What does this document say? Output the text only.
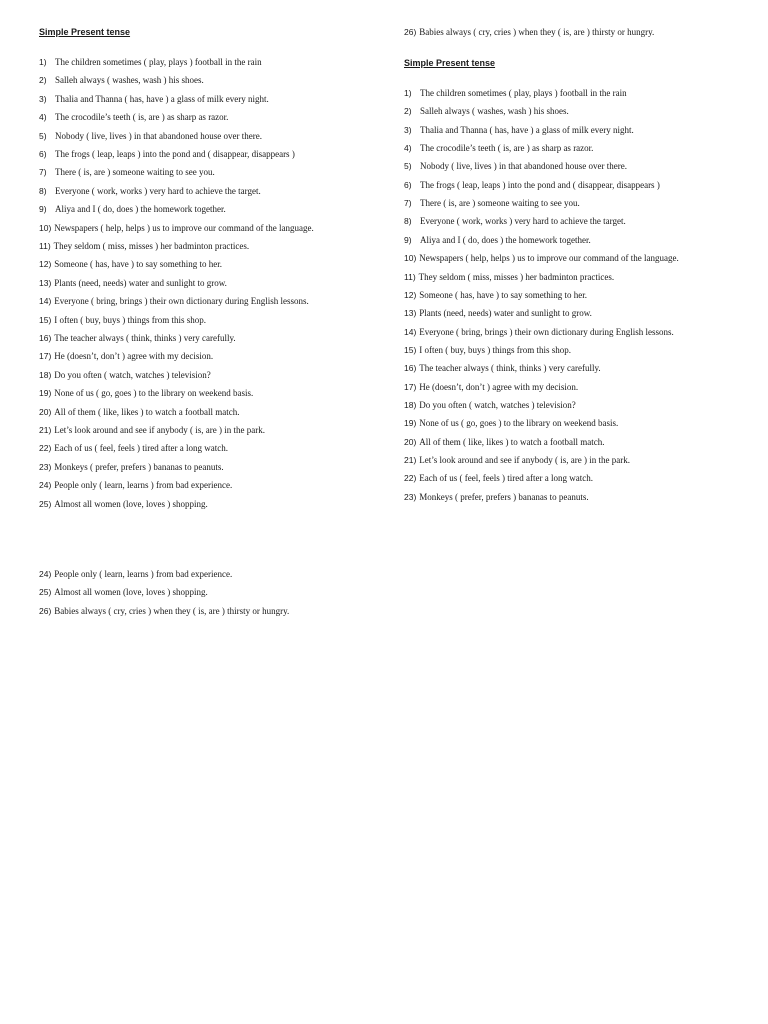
Simple Present tense
1) The children sometimes ( play, plays ) football in the rain
2) Salleh always ( washes, wash ) his shoes.
3) Thalia and Thanna ( has, have ) a glass of milk every night.
4) The crocodile’s teeth ( is, are ) as sharp as razor.
5) Nobody ( live, lives ) in that abandoned house over there.
6) The frogs ( leap, leaps ) into the pond and ( disappear, disappears )
7) There ( is, are ) someone waiting to see you.
8) Everyone ( work, works ) very hard to achieve the target.
9) Aliya and I ( do, does ) the homework together.
10) Newspapers ( help, helps ) us to improve our command of the language.
11) They seldom ( miss, misses ) her badminton practices.
12) Someone ( has, have ) to say something to her.
13) Plants (need, needs) water and sunlight to grow.
14) Everyone ( bring, brings ) their own dictionary during English lessons.
15) I often ( buy, buys ) things from this shop.
16) The teacher always ( think, thinks ) very carefully.
17) He (doesn’t, don’t ) agree with my decision.
18) Do you often ( watch, watches ) television?
19) None of us ( go, goes ) to the library on weekend basis.
20) All of them ( like, likes ) to watch a football match.
21) Let’s look around and see if anybody ( is, are ) in the park.
22) Each of us ( feel, feels ) tired after a long watch.
23) Monkeys ( prefer, prefers ) bananas to peanuts.
24) People only ( learn, learns ) from bad experience.
25) Almost all women (love, loves ) shopping.
24) People only ( learn, learns ) from bad experience.
25) Almost all women (love, loves ) shopping.
26) Babies always ( cry, cries ) when they ( is, are ) thirsty or hungry.
26) Babies always ( cry, cries ) when they ( is, are ) thirsty or hungry.
Simple Present tense
1) The children sometimes ( play, plays ) football in the rain
2) Salleh always ( washes, wash ) his shoes.
3) Thalia and Thanna ( has, have ) a glass of milk every night.
4) The crocodile’s teeth ( is, are ) as sharp as razor.
5) Nobody ( live, lives ) in that abandoned house over there.
6) The frogs ( leap, leaps ) into the pond and ( disappear, disappears )
7) There ( is, are ) someone waiting to see you.
8) Everyone ( work, works ) very hard to achieve the target.
9) Aliya and I ( do, does ) the homework together.
10) Newspapers ( help, helps ) us to improve our command of the language.
11) They seldom ( miss, misses ) her badminton practices.
12) Someone ( has, have ) to say something to her.
13) Plants (need, needs) water and sunlight to grow.
14) Everyone ( bring, brings ) their own dictionary during English lessons.
15) I often ( buy, buys ) things from this shop.
16) The teacher always ( think, thinks ) very carefully.
17) He (doesn’t, don’t ) agree with my decision.
18) Do you often ( watch, watches ) television?
19) None of us ( go, goes ) to the library on weekend basis.
20) All of them ( like, likes ) to watch a football match.
21) Let’s look around and see if anybody ( is, are ) in the park.
22) Each of us ( feel, feels ) tired after a long watch.
23) Monkeys ( prefer, prefers ) bananas to peanuts.
